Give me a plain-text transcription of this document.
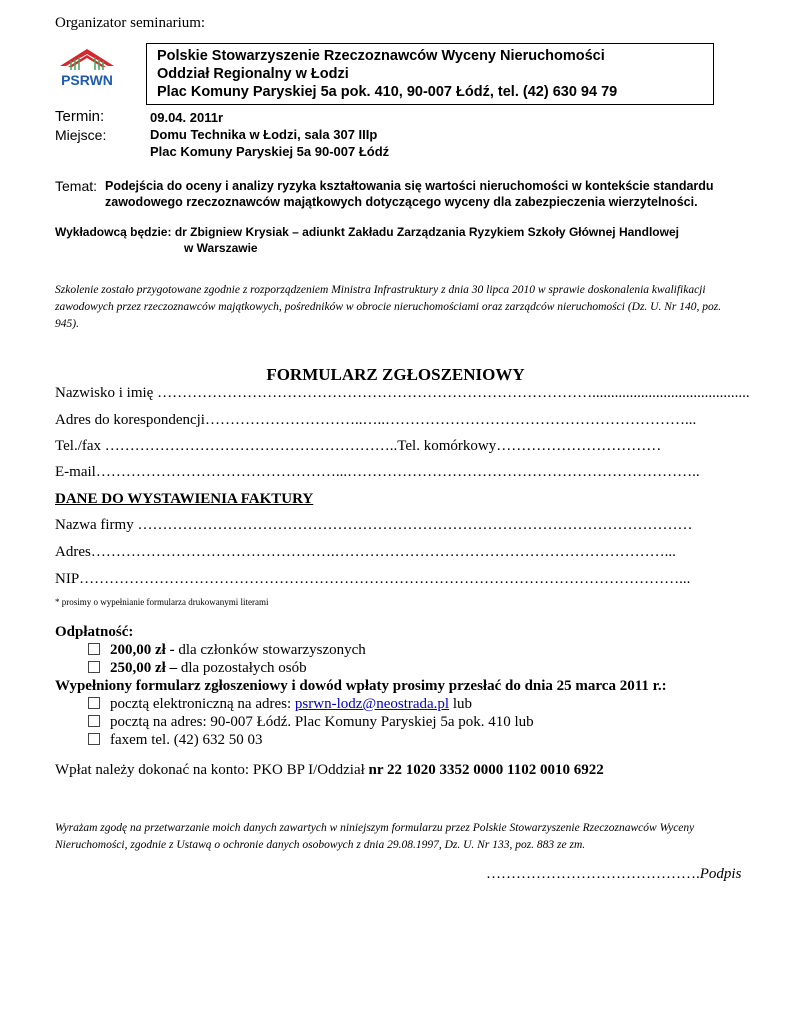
Organizator seminarium:
PSRWN
Polskie Stowarzyszenie Rzeczoznawców Wyceny Nieruchomości
Oddział Regionalny w Łodzi
Plac Komuny Paryskiej 5a pok. 410, 90-007 Łódź, tel. (42) 630 94 79
Termin:	09.04. 2011r
Miejsce:	Domu Technika w Łodzi, sala 307 IIIp
Plac Komuny Paryskiej 5a 90-007 Łódź
Temat: Podejścia do oceny i analizy ryzyka kształtowania się wartości nieruchomości w kontekście standardu
zawodowego rzeczoznawców majątkowych dotyczącego wyceny dla zabezpieczenia wierzytelności.
Wykładowcą będzie: dr Zbigniew Krysiak – adiunkt Zakładu Zarządzania Ryzykiem Szkoły Głównej Handlowej
w Warszawie
Szkolenie zostało przygotowane zgodnie z rozporządzeniem Ministra Infrastruktury z dnia 30 lipca 2010 w sprawie doskonalenia kwalifikacji zawodowych przez rzeczoznawców majątkowych, pośredników w obrocie nieruchomościami oraz zarządców nieruchomości (Dz. U. Nr 140, poz. 945).
FORMULARZ ZGŁOSZENIOWY
Nazwisko i imię ……………………………………………………………………………..........................................
Adres do korespondencji…………………………..…..……………………………………………………...
Tel./fax …………………………………………………..Tel. komórkowy……………………………
E-mail…………………………………………...……………………………………………………………..
DANE DO WYSTAWIENIA FAKTURY
Nazwa firmy …………………………………………………………………………………………………
Adres………………………………………….…………………………………………………………...
NIP…………………………………………………………………………………………………………...
* prosimy o wypełnianie formularza drukowanymi literami
Odpłatność:
200,00 zł - dla członków stowarzyszonych
250,00 zł – dla pozostałych osób
Wypełniony formularz zgłoszeniowy i dowód wpłaty prosimy przesłać do dnia 25 marca 2011 r.:
pocztą elektroniczną na adres: psrwn-lodz@neostrada.pl lub
pocztą na adres: 90-007 Łódź. Plac Komuny Paryskiej 5a pok. 410 lub
faxem tel. (42) 632 50 03
Wpłat należy dokonać na konto: PKO BP I/Oddział nr 22 1020 3352 0000 1102 0010 6922
Wyrażam zgodę na przetwarzanie moich danych zawartych w niniejszym formularzu przez Polskie Stowarzyszenie Rzeczoznawców Wyceny Nieruchomości, zgodnie z Ustawą o ochronie danych osobowych z dnia 29.08.1997, Dz. U. Nr 133, poz. 883 ze zm.
…………………………………….Podpis
